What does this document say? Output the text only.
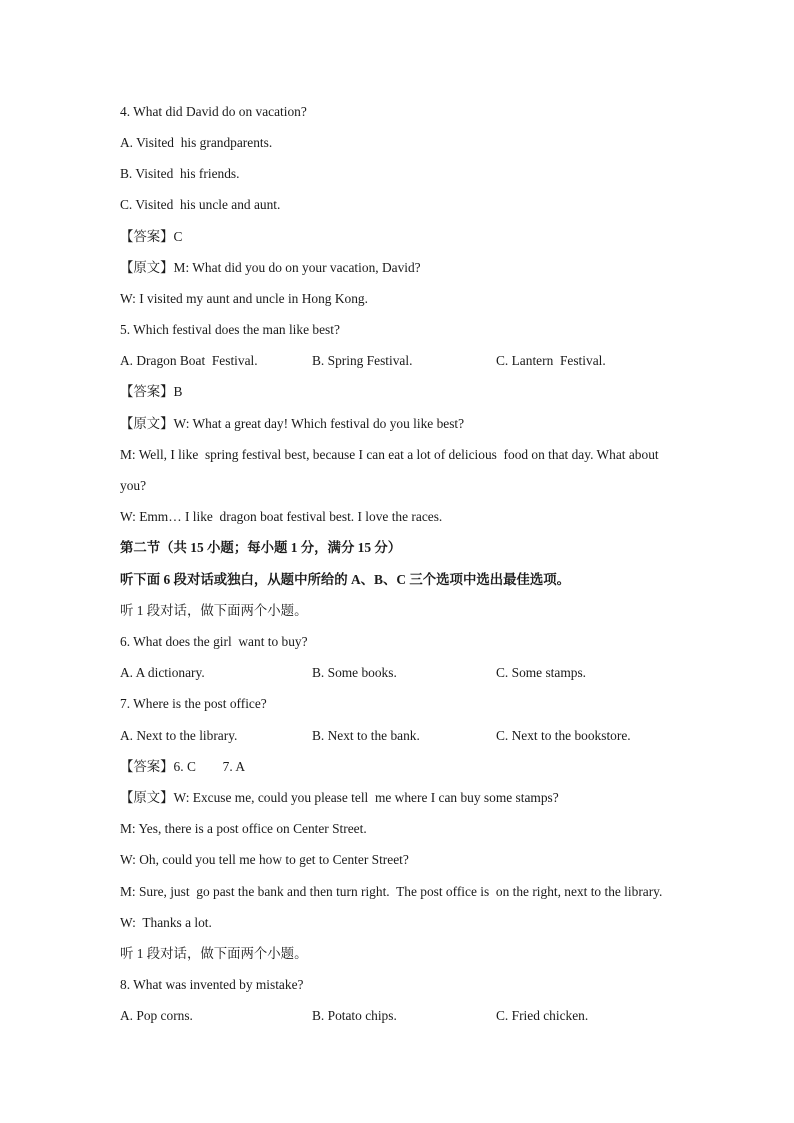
4. What did David do on vacation?
A. Visited  his grandparents.
B. Visited  his friends.
C. Visited  his uncle and aunt.
【答案】C
【原文】M: What did you do on your vacation, David?
W: I visited my aunt and uncle in Hong Kong.
5. Which festival does the man like best?
A. Dragon Boat  Festival.	B. Spring Festival.	C. Lantern  Festival.
【答案】B
【原文】W: What a great day! Which festival do you like best?
M: Well, I like  spring festival best, because I can eat a lot of delicious  food on that day. What about
you?
W: Emm… I like  dragon boat festival best. I love the races.
第二节（共 15 小题；每小题 1 分，满分 15 分）
听下面 6 段对话或独白，从题中所给的 A、B、C 三个选项中选出最佳选项。
听 1 段对话，做下面两个小题。
6. What does the girl  want to buy?
A. A dictionary.	B. Some books.	C. Some stamps.
7. Where is the post office?
A. Next to the library.	B. Next to the bank.	C. Next to the bookstore.
【答案】6. C        7. A
【原文】W: Excuse me, could you please tell  me where I can buy some stamps?
M: Yes, there is a post office on Center Street.
W: Oh, could you tell me how to get to Center Street?
M: Sure, just  go past the bank and then turn right.  The post office is  on the right, next to the library.
W:  Thanks a lot.
听 1 段对话，做下面两个小题。
8. What was invented by mistake?
A. Pop corns.	B. Potato chips.	C. Fried chicken.
